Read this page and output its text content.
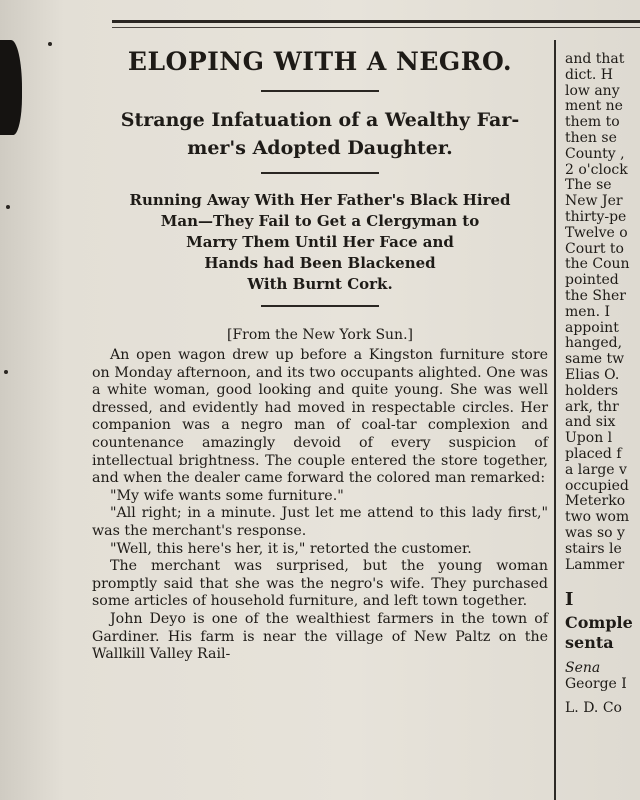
ELOPING WITH A NEGRO.
Strange Infatuation of a Wealthy Far-
mer's Adopted Daughter.
Running Away With Her Father's Black Hired
Man—They Fail to Get a Clergyman to
Marry Them Until Her Face and
Hands had Been Blackened
With Burnt Cork.
[From the New York Sun.]

An open wagon drew up before a Kingston furniture store on Monday afternoon, and its two occupants alighted. One was a white woman, good looking and quite young. She was well dressed, and evidently had moved in respectable circles. Her companion was a negro man of coal-tar complexion and countenance amazingly devoid of every suspicion of intellectual brightness. The couple entered the store together, and when the dealer came forward the colored man remarked:

"My wife wants some furniture."

"All right; in a minute. Just let me attend to this lady first," was the merchant's response.

"Well, this here's her, it is," retorted the customer.

The merchant was surprised, but the young woman promptly said that she was the negro's wife. They purchased some articles of household furniture, and left town together.

John Deyo is one of the wealthiest farmers in the town of Gardiner. His farm is near the village of New Paltz on the Wallkill Valley Rail-

and that
dict. H
low any
ment ne
them to
then se
County ,
2 o'clock
The se
New Jer
thirty-pe
Twelve o
Court to
the Coun
pointed
the Sher
men. I
appoint
hanged,
same tw
Elias O.
holders
ark, thr
and six
Upon l
placed f
a large v
occupied
Meterko
two wom
was so y
stairs le
Lammer
I
Comple
senta
Sena
George I
L. D. Co
